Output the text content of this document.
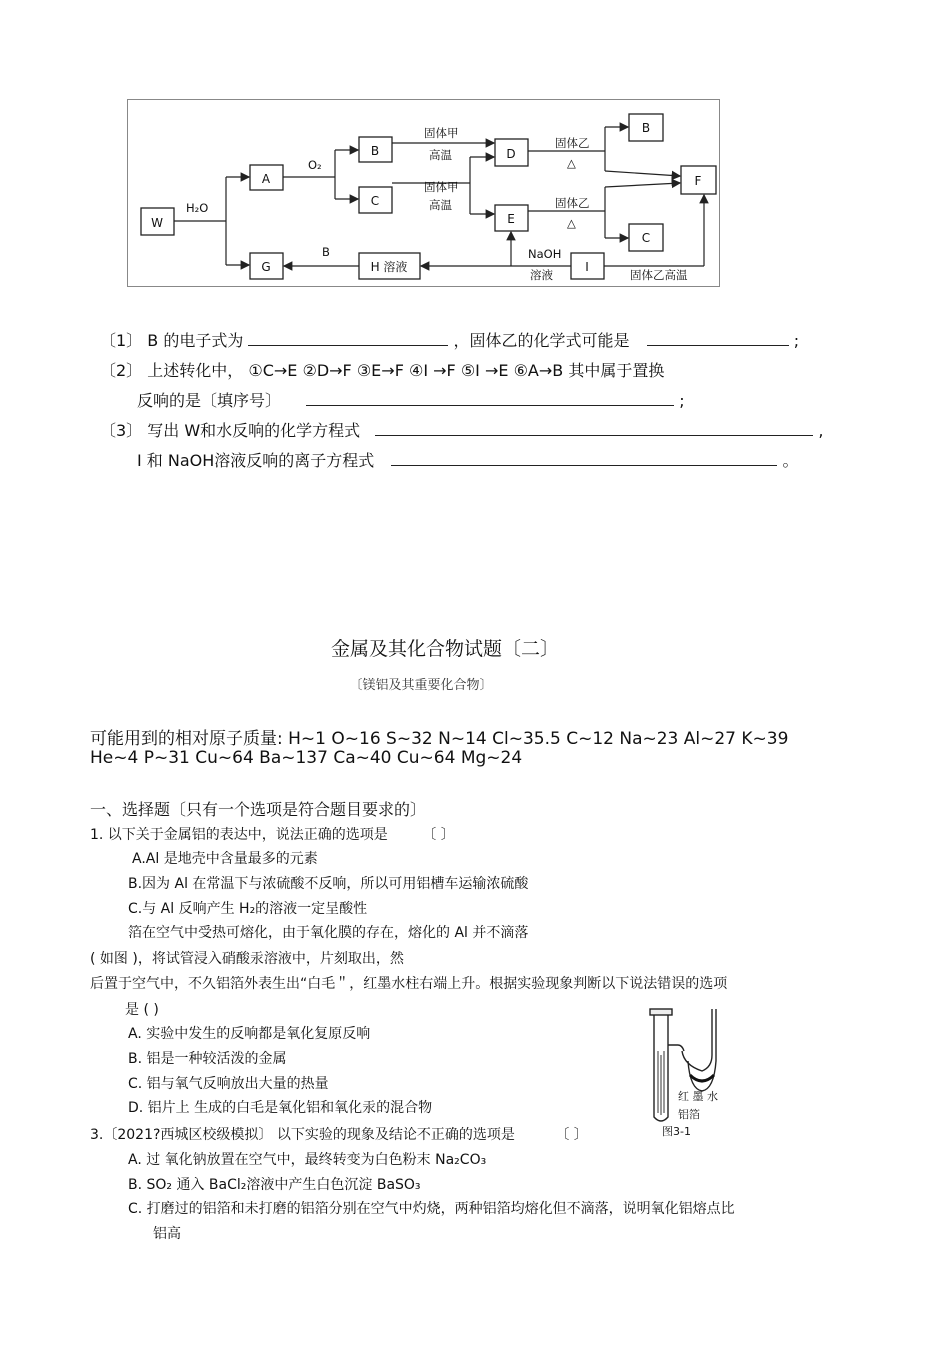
W
A
B
C
D
E
B
F
C
G	H 溶液	I
H₂O
O₂
固体甲
高温
固体甲
高温
固体乙
△
固体乙
△
B	NaOH
溶液	固体乙高温
〔1〕 B 的电子式为	，固体乙的化学式可能是	;
〔2〕 上述转化中， ①C→E ②D→F ③E→F ④I →F ⑤I →E ⑥A→B 其中属于置换
反响的是〔填序号〕	;
〔3〕 写出 W和水反响的化学方程式	,
I 和 NaOH溶液反响的离子方程式	。
金属及其化合物试题〔二〕
〔镁铝及其重要化合物〕
可能用到的相对原子质量: H~1 O~16 S~32 N~14 Cl~35.5 C~12 Na~23 Al~27 K~39
He~4 P~31 Cu~64 Ba~137 Ca~40 Cu~64 Mg~24
一、选择题〔只有一个选项是符合题目要求的〕
1. 以下关于金属铝的表达中，说法正确的选项是 〔 〕
A.Al 是地壳中含量最多的元素
B.因为 Al 在常温下与浓硫酸不反响，所以可用铝槽车运输浓硫酸
C.与 Al 反响产生 H₂的溶液一定呈酸性
箔在空气中受热可熔化，由于氧化膜的存在，熔化的 Al 并不滴落
( 如图 )，将试管浸入硝酸汞溶液中，片刻取出，然
后置于空气中，不久铝箔外表生出“白毛＂，红墨水柱右端上升。根据实验现象判断以下说法错误的选项
是 ( )
A. 实验中发生的反响都是氧化复原反响
B. 铝是一种较活泼的金属
C. 铝与氧气反响放出大量的热量
D. 铝片上 生成的白毛是氧化铝和氧化汞的混合物
红 墨 水
铝箔
图3-1
3.〔2021?西城区校级模拟〕 以下实验的现象及结论不正确的选项是	〔 〕
A. 过 氧化钠放置在空气中，最终转变为白色粉末 Na₂CO₃
B. SO₂ 通入 BaCl₂溶液中产生白色沉淀 BaSO₃
C. 打磨过的铝箔和未打磨的铝箔分别在空气中灼烧，两种铝箔均熔化但不滴落，说明氧化铝熔点比
铝高
